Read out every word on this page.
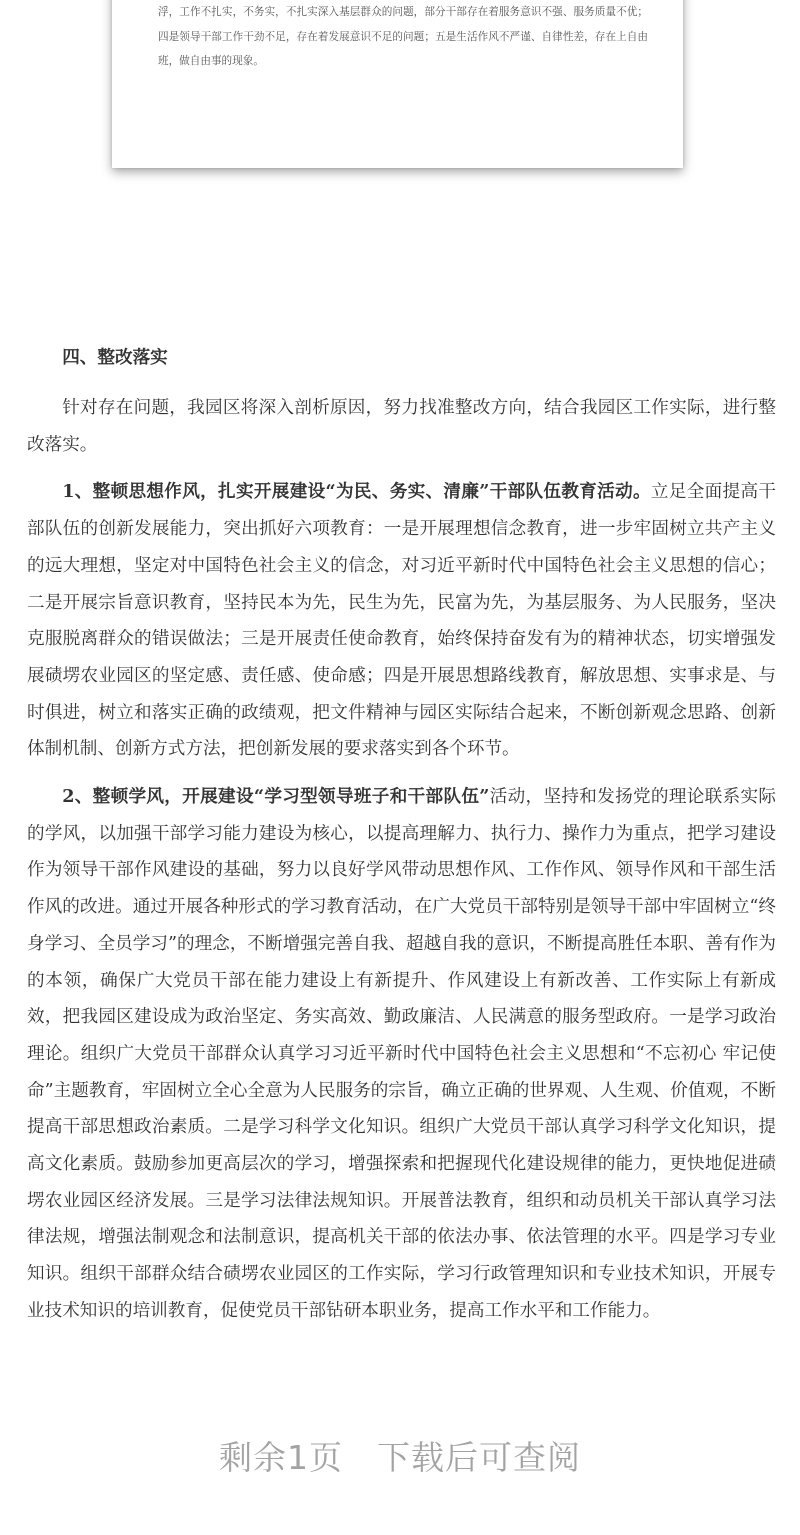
浮，工作不扎实，不务实，不扎实深入基层群众的问题，部分干部存在着服务意识不强、服务质量不优；四是领导干部工作干劲不足，存在着发展意识不足的问题；五是生活作风不严谨、自律性差，存在上自由班，做自由事的现象。

四、整改落实

针对存在问题，我园区将深入剖析原因，努力找准整改方向，结合我园区工作实际，进行整改落实。

1、整顿思想作风，扎实开展建设“为民、务实、清廉”干部队伍教育活动。立足全面提高干部队伍的创新发展能力，突出抓好六项教育：一是开展理想信念教育，进一步牢固树立共产主义的远大理想，坚定对中国特色社会主义的信念，对习近平新时代中国特色社会主义思想的信心；二是开展宗旨意识教育，坚持民本为先，民生为先，民富为先，为基层服务、为人民服务，坚决克服脱离群众的错误做法；三是开展责任使命教育，始终保持奋发有为的精神状态，切实增强发展碛塄农业园区的坚定感、责任感、使命感；四是开展思想路线教育，解放思想、实事求是、与时俱进，树立和落实正确的政绩观，把文件精神与园区实际结合起来，不断创新观念思路、创新体制机制、创新方式方法，把创新发展的要求落实到各个环节。

2、整顿学风，开展建设“学习型领导班子和干部队伍”活动，坚持和发扬党的理论联系实际的学风，以加强干部学习能力建设为核心，以提高理解力、执行力、操作力为重点，把学习建设作为领导干部作风建设的基础，努力以良好学风带动思想作风、工作作风、领导作风和干部生活作风的改进。通过开展各种形式的学习教育活动，在广大党员干部特别是领导干部中牢固树立“终身学习、全员学习”的理念，不断增强完善自我、超越自我的意识，不断提高胜任本职、善有作为的本领，确保广大党员干部在能力建设上有新提升、作风建设上有新改善、工作实际上有新成效，把我园区建设成为政治坚定、务实高效、勤政廉洁、人民满意的服务型政府。一是学习政治理论。组织广大党员干部群众认真学习习近平新时代中国特色社会主义思想和“不忘初心 牢记使命”主题教育，牢固树立全心全意为人民服务的宗旨，确立正确的世界观、人生观、价值观，不断提高干部思想政治素质。二是学习科学文化知识。组织广大党员干部认真学习科学文化知识，提高文化素质。鼓励参加更高层次的学习，增强探索和把握现代化建设规律的能力，更快地促进碛塄农业园区经济发展。三是学习法律法规知识。开展普法教育，组织和动员机关干部认真学习法律法规，增强法制观念和法制意识，提高机关干部的依法办事、依法管理的水平。四是学习专业知识。组织干部群众结合碛塄农业园区的工作实际，学习行政管理知识和专业技术知识，开展专业技术知识的培训教育，促使党员干部钻研本职业务，提高工作水平和工作能力。

剩余1页 下载后可查阅
